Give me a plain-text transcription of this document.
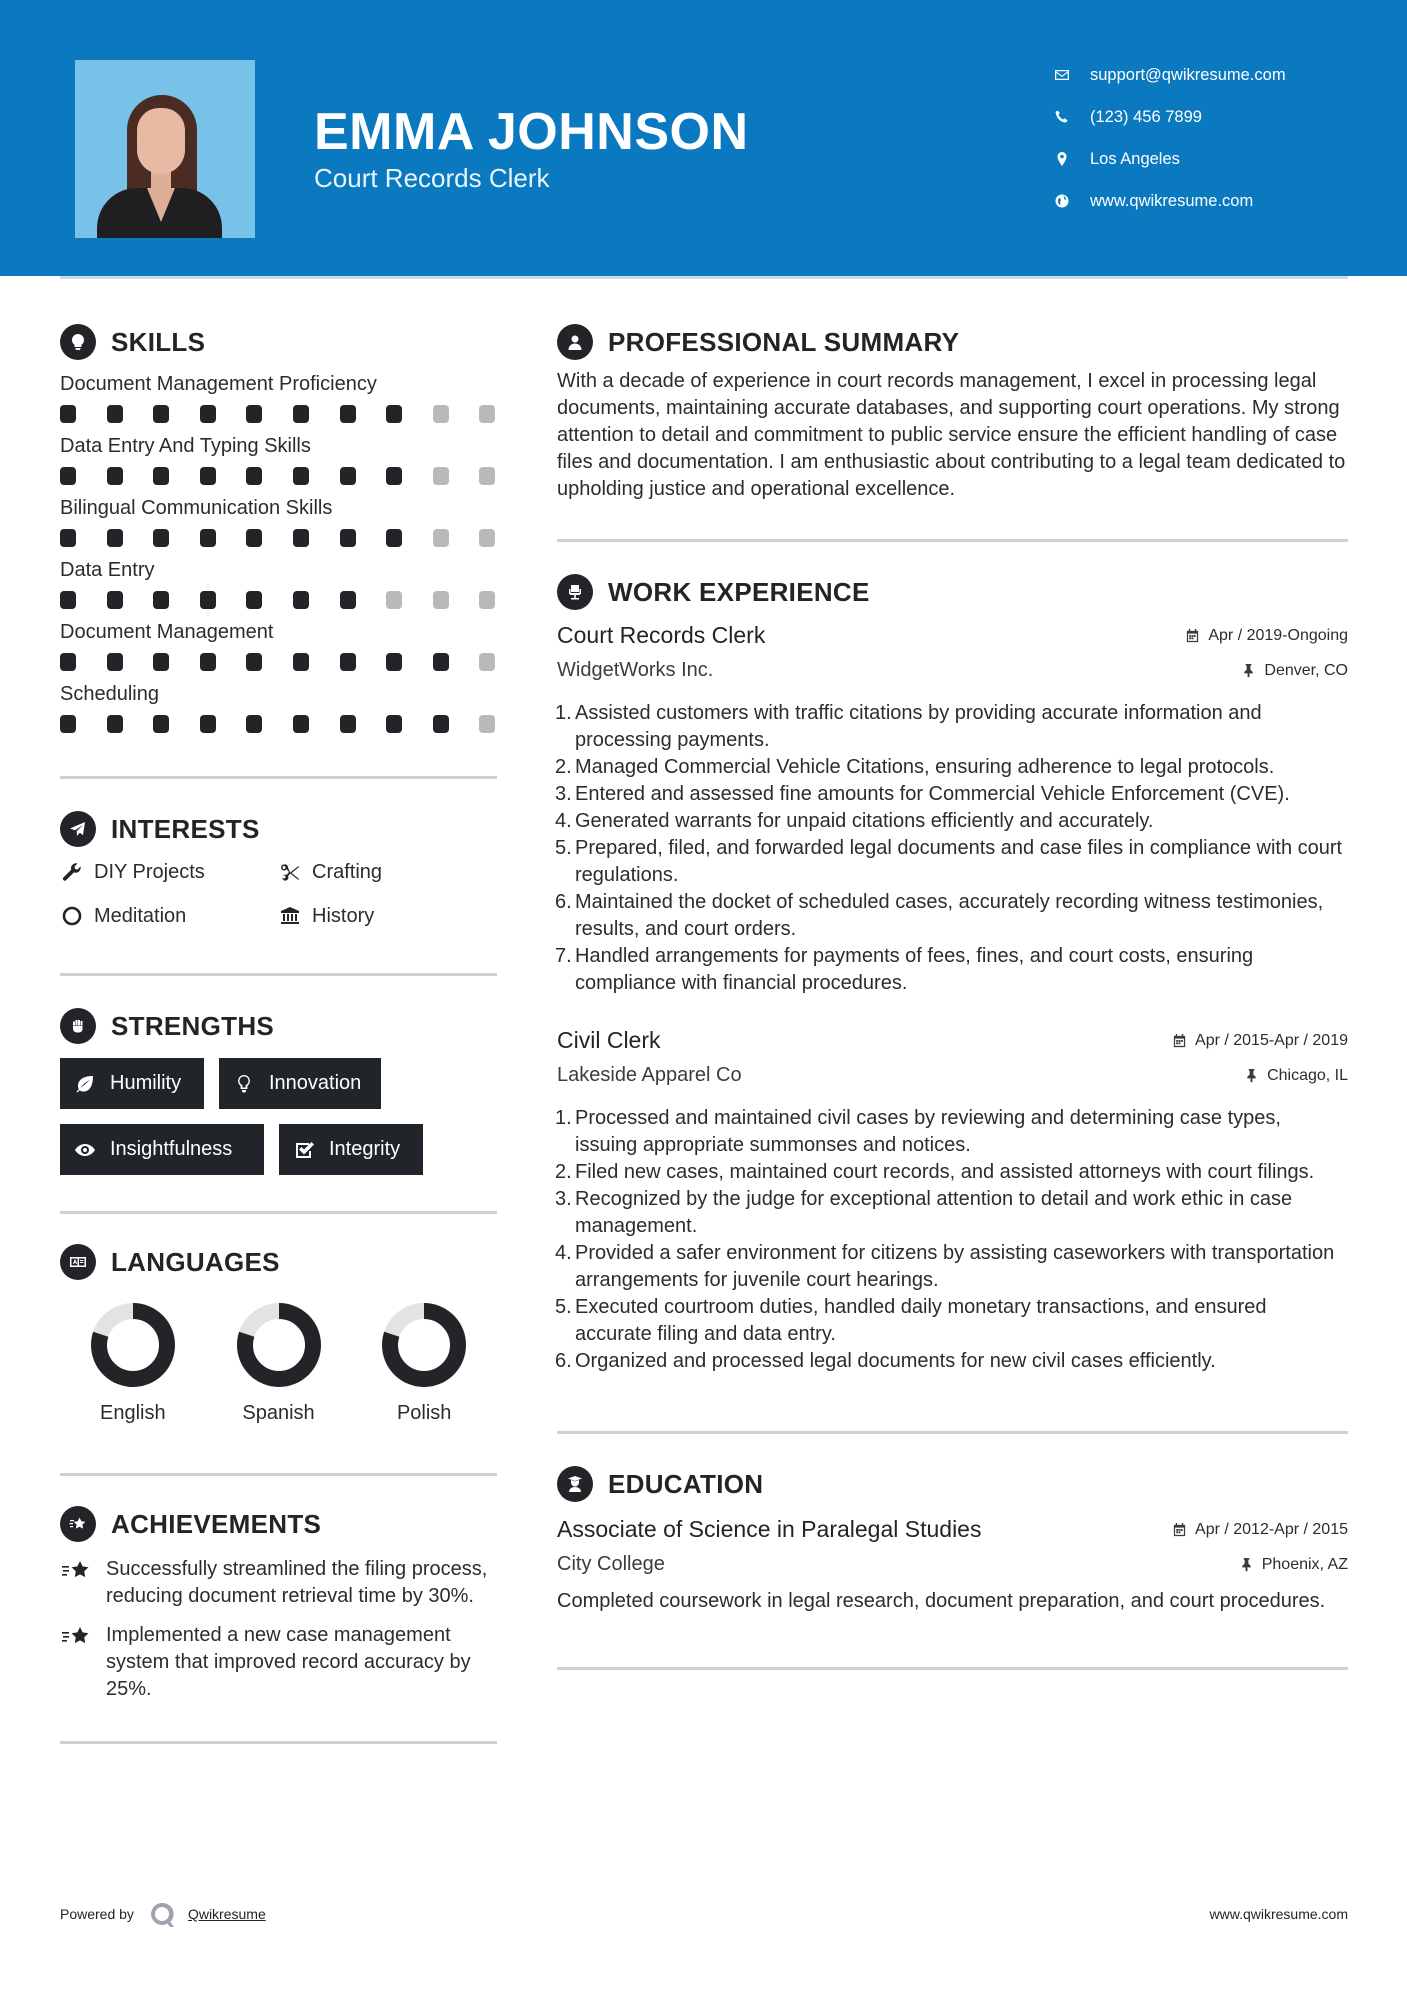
EMMA JOHNSON
Court Records Clerk
support@qwikresume.com
(123) 456 7899
Los Angeles
www.qwikresume.com
SKILLS
Document Management Proficiency
Data Entry And Typing Skills
Bilingual Communication Skills
Data Entry
Document Management
Scheduling
INTERESTS
DIY Projects	Crafting
Meditation	History
STRENGTHS
Humility	Innovation
Insightfulness	Integrity
LANGUAGES
English	Spanish	Polish
ACHIEVEMENTS
Successfully streamlined the filing process, reducing document retrieval time by 30%.
Implemented a new case management system that improved record accuracy by 25%.
PROFESSIONAL SUMMARY

With a decade of experience in court records management, I excel in processing legal documents, maintaining accurate databases, and supporting court operations. My strong attention to detail and commitment to public service ensure the efficient handling of case files and documentation. I am enthusiastic about contributing to a legal team dedicated to upholding justice and operational excellence.

WORK EXPERIENCE
Court Records Clerk	Apr / 2019-Ongoing
WidgetWorks Inc.	Denver, CO
Assisted customers with traffic citations by providing accurate information and processing payments.
Managed Commercial Vehicle Citations, ensuring adherence to legal protocols.
Entered and assessed fine amounts for Commercial Vehicle Enforcement (CVE).
Generated warrants for unpaid citations efficiently and accurately.
Prepared, filed, and forwarded legal documents and case files in compliance with court regulations.
Maintained the docket of scheduled cases, accurately recording witness testimonies, results, and court orders.
Handled arrangements for payments of fees, fines, and court costs, ensuring compliance with financial procedures.
Civil Clerk	Apr / 2015-Apr / 2019
Lakeside Apparel Co	Chicago, IL
Processed and maintained civil cases by reviewing and determining case types, issuing appropriate summonses and notices.
Filed new cases, maintained court records, and assisted attorneys with court filings.
Recognized by the judge for exceptional attention to detail and work ethic in case management.
Provided a safer environment for citizens by assisting caseworkers with transportation arrangements for juvenile court hearings.
Executed courtroom duties, handled daily monetary transactions, and ensured accurate filing and data entry.
Organized and processed legal documents for new civil cases efficiently.
EDUCATION
Associate of Science in Paralegal Studies	Apr / 2012-Apr / 2015
City College	Phoenix, AZ

Completed coursework in legal research, document preparation, and court procedures.

Powered by	Qwikresume	www.qwikresume.com
